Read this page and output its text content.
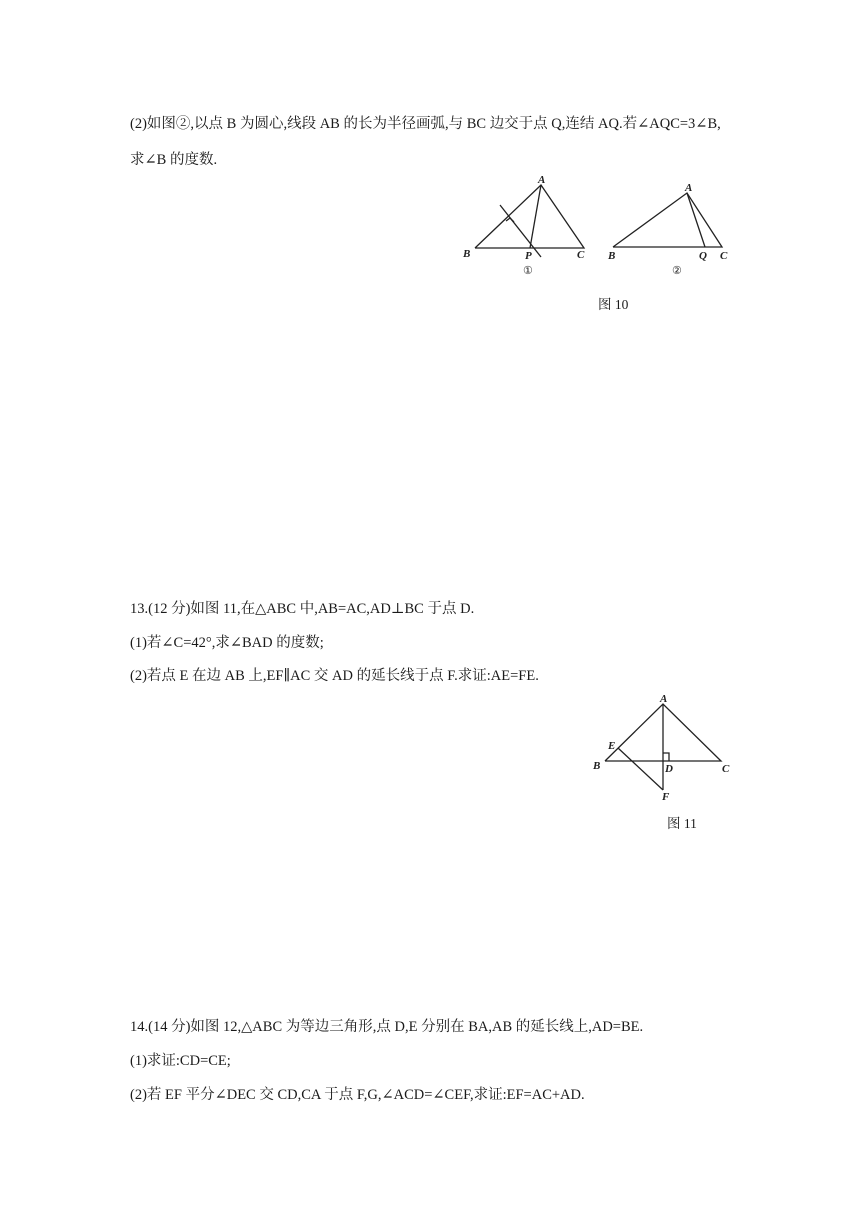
(2)如图②,以点 B 为圆心,线段 AB 的长为半径画弧,与 BC 边交于点 Q,连结 AQ.若∠AQC=3∠B,
求∠B 的度数.
A
B	C
P
①
A
B	C
Q
②
图 10
13.(12 分)如图 11,在△ABC 中,AB=AC,AD⊥BC 于点 D.
(1)若∠C=42°,求∠BAD 的度数;
(2)若点 E 在边 AB 上,EF∥AC 交 AD 的延长线于点 F.求证:AE=FE.
A
B	C
D
E
F
图 11
14.(14 分)如图 12,△ABC 为等边三角形,点 D,E 分别在 BA,AB 的延长线上,AD=BE.
(1)求证:CD=CE;
(2)若 EF 平分∠DEC 交 CD,CA 于点 F,G,∠ACD=∠CEF,求证:EF=AC+AD.
